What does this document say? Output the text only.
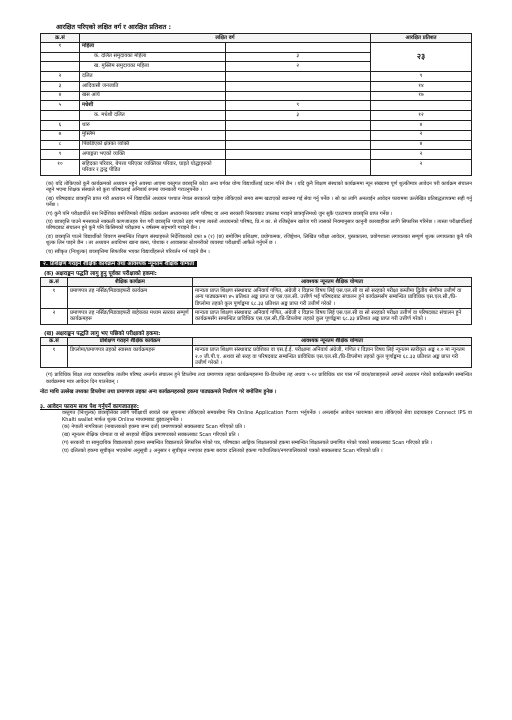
आरक्षित परिएको लक्षित वर्ग र आरक्षित प्रतिशत :
क्र.सं	लक्षित वर्ग		आरक्षित प्रतिशत
१	महिला		२३
	क. दलित समुदायका महिला	३	
	ख. मुस्लिम समुदायका महिला	२	
२	दलित		९
३	आदिवासी जनजाति		१४
४	खस आर्य		१७
५	मधेशी	९	
	क. मधेशी दलित	३	१२
६	थारु		४
७	मुस्लिम		२
८	पिछडिएको क्षेत्रका व्यक्ति		४
९	अपाङ्गता भएको व्यक्ति		२
१०	सहिदका परिवार, बेपत्ता परिएका व्यक्तिका परिवार, घाइते योद्धाहरुको परिवार र द्वन्द्व पीडित		२

(क) यदि तोकिएको कुनै कार्यक्रमको अध्ययन नहुने अवस्था आएमा वस्तुगत छात्रवृत्ति कोटा अन्य वर्गका योग्य विद्यार्थीलाई प्रदान गरिने छैन । यदि कुनै शिक्षण संस्थाको कार्यक्रममा न्यून संख्यामा पूर्ण शुल्कीमात्र आवेदन परी कार्यक्रम संचालन नहुने भएमा शिक्षक संस्थाले सो कुरा परिषदलाई अनिवार्य रुपमा जानकारी गराउनुपर्नेछ ।

(ख) परिषदबाट छात्रवृत्ति प्राप्त गरी अध्ययन गर्ने विद्यार्थीले अध्ययन पश्चात नेपाल सरकारले चाहेमा तोकिएको समय सम्म खटाएको स्थानमा गई सेवा गर्नु पर्नेछ । सो का लागि अनलाईन आवेदन फाराममा उल्लेखित प्रतिबद्धतापत्रमा सही गर्नु पर्नेछ ।

(ग) कुनै पनि परीक्षार्थीले यस निर्देशिका बमोजिमको शैक्षिक कार्यक्रम अध्ययनका लागि परिषद वा अन्य सरकारी निकायबाट उपलब्ध गराइने छात्रवृत्तिमध्ये जुन सुकै एउटामात्र छात्रवृत्ति प्राप्त गर्नेछ ।

(घ) छात्रवृत्ति पाउने मनसायले नक्कली कागजातहरु पेश गरी छात्रवृत्ति पाएको ठहर भएमा त्यस्तो अध्ययनको परिषद, प्रि.न का. से रजिस्ट्रेसन खारेज गरी त्यसको नियमानुसार कानुनी कारबाहीका लागि सिफारिस गरिनेछ । त्यस्ता परीक्षार्थीलाई परिषदबाट संचालन हुने कुनै पनि किसिमको परीक्षामा ५ वर्षसम्म सहभागी गराइने छैन ।

(ङ) छात्रवृत्ति पाउने विद्यार्थीको विवरण सम्बन्धित शिक्षण संस्थाहरुले निर्देशिकाको दफा ७ (१) (छ) बमोजिम प्रशिक्षण, प्रयोगात्मक, रजिष्ट्रेशन, लिखित परीक्षा आवेदन, पुस्तकालय, प्रयोगशाला लगायतका सम्पूर्ण शुल्क लगायतका कुनै पनि शुल्क लिन पाइने छैन । तर अध्ययन अवधिभर खाना बस्ना, पोशाक र आवासका स्टेशनरीको व्यवस्था परीक्षार्थी आफैले गर्नुपर्ने छ ।

(च) स्वीकृत (निःशुल्क) छात्रवृत्तिमा सिफारिस भएका विद्यार्थीहरूले परिवर्तन गर्न पाइने छैन ।

२. प्रशिक्षण गराइने शैक्षिक कार्यक्रम तथा आवश्यक न्यूनतम शैक्षिक योग्यता
(क) अक्षराङ्कन पद्धति लागु हुनु पूर्वका परीक्षाको हकमा:
क्र.सं	शैक्षिक कार्यक्रम	आवश्यक न्यूनतम शैक्षिक योग्यता
१	प्रमाणपत्र तह नर्सिङ/मिडवाइफरी कार्यक्रम	मान्यता प्राप्त शिक्षण संस्थाबाट अनिवार्य गणित, अंग्रेजी र विज्ञान विषय लिई एस.एल.सी वा सो सरहको परीक्षा कम्तीमा द्वितीय श्रेणीमा उत्तीर्ण वा अन्य पाठ्यक्रममा ४५ प्रतिशत अङ्क प्राप्त वा एस.एल.सी. उत्तीर्ण भई परिषदबाट संचालन हुने कार्यक्रमसँग सम्बन्धित प्राविधिक एस.एल.सी./प्रि-डिप्लोमा तहको कुल पूर्णाङ्कमा ६८.३३ प्रतिशत अङ्क प्राप्त गरी उत्तीर्ण गरेको ।
२	प्रमाणपत्र तह नर्सिङ/मिडवाइफरी बाहेकका मध्यम स्तरका सम्पूर्ण कार्यक्रमहरू	मान्यता प्राप्त शिक्षण संस्थाबाट अनिवार्य गणित, अंग्रेजी र विज्ञान विषय लिई एस.एल.सी वा सो सरहको परीक्षा उत्तीर्ण वा परिषदबाट संचालन हुने कार्यक्रमसँग सम्बन्धित प्राविधिक एस.एल.सी./प्रि-डिप्लोमा तहको कुल पूर्णाङ्कमा ६८.३३ प्रतिशत अङ्क प्राप्त गरी उत्तीर्ण गरेको ।
(ख) अक्षराङ्कन पद्धति लागु भए पछिको परीक्षाको हकमा:
क्र.सं	प्रशिक्षण गराइने शैक्षिक कार्यक्रम	आवश्यक न्यूनतम शैक्षिक योग्यता
१	डिप्लोमा/प्रमाणपत्र तहको स्वास्थ्य कार्यक्रमहरू	मान्यता प्राप्त शिक्षण संस्थाबाट प्रवेशिका वा एस.ई.ई. परीक्षामा अनिवार्य अंग्रेजी, गणित र विज्ञान विषय लिई न्यूनतम स्तरीकृत अङ्क २.० मा न्यूनतम २.० जी.पी.ए. अथवा सो सरह वा परिषदबाट सम्बन्धित प्राविधिक एस.एल.सी./प्रि-डिप्लोमा तहको कुल पूर्णाङ्कमा ६८.३३ प्रतिशत अङ्क प्राप्त गरी उत्तीर्ण गरेको ।

(ग) प्राविधिक शिक्षा तथा व्यावसायिक तालीम परिषद अन्तर्गत संचालन हुने डिप्लोमा तथा प्रमाणपत्र तहका कार्यक्रमहरूमा प्रि-डिप्लोमा तह अथवा ९-१२ प्राविधिक धार पास गर्ने छात्र/छात्राहरूले आफ्नो अध्ययन गरेको कार्यक्रमसँग सम्बन्धित कार्यक्रममा मात्र आवेदन दिन पाउनेछन् ।

नोटः माथि उल्लेख तथ्यका डिप्लोमा तथा प्रमाणपत्र तहका अन्य कार्यक्रमहरुको हकमा पाठ्यक्रमले निर्धारण गरे बमोजिम हुनेछ ।
३. आवेदन फाराम साथ पेश गर्नुपर्ने कागजातहरु:

वस्तुगत (निःशुल्क) छात्रवृत्तिका लागि परीक्षार्थी स्वयंले यस सूचनामा तोकिएको समयसीमा भित्र Online Application Form भर्नुपर्नेछ । अनलाईन आवेदन फारामका साथ तोकिएको सेवा प्रदायकहरु Connect IPS वा Khalti wallet मार्फत शुल्क Online माध्यमबाट बुझाउनुपर्नेछ ।

(क) नेपाली नागरिकता (नाबालकको हकमा जन्म दर्ता) प्रमाणपत्रको सक्कलबाट Scan गरिएको प्रति ।

(ख) न्यूनतम शैक्षिक योग्यता वा सो सरहको शैक्षिक प्रमाणपत्रको सक्कलबाट Scan गरिएको प्रति ।

(ग) सरकारी वा सामुदायिक विद्यालयको हकमा सम्बन्धित विद्यालयले सिफारिस गरेको पत्र, परिषदका आङ्गिक शिक्षालयको हकमा सम्बन्धित शिक्षालयले प्रमाणित गरेको पत्रको सक्कलबाट Scan गरिएको प्रति ।

(घ) दलितको हकमा सूचीकृत भएकोमा अनुसूची ३ अनुसार र सूचीकृत नभएका हकमा बरावर दलितको हकमा गाउँपालिका/नगरपालिकाको पत्रको सक्कलबाट Scan गरिएको प्रति ।
